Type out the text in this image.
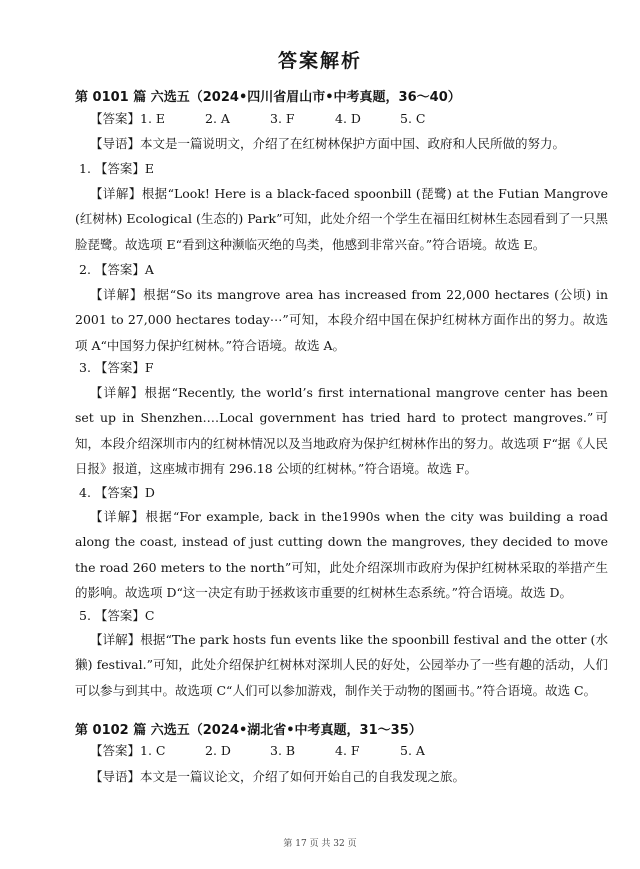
答案解析
第 0101 篇 六选五（2024•四川省眉山市•中考真题，36～40）
【答案】 1. E	2. A	3. F	4. D	5. C
【导语】本文是一篇说明文，介绍了在红树林保护方面中国、政府和人民所做的努力。
1. 【答案】E

【详解】根据“Look! Here is a black-faced spoonbill (琵鹭) at the Futian Mangrove (红树林) Ecological (生态的) Park”可知，此处介绍一个学生在福田红树林生态园看到了一只黑脸琵鹭。故选项 E“看到这种濒临灭绝的鸟类，他感到非常兴奋。”符合语境。故选 E。

2. 【答案】A

【详解】根据“So its mangrove area has increased from 22,000 hectares (公顷) in 2001 to 27,000 hectares today⋯”可知，本段介绍中国在保护红树林方面作出的努力。故选项 A“中国努力保护红树林。”符合语境。故选 A。

3. 【答案】F

【详解】根据“Recently, the world’s first international mangrove center has been set up in Shenzhen.…Local government has tried hard to protect mangroves.”可知，本段介绍深圳市内的红树林情况以及当地政府为保护红树林作出的努力。故选项 F“据《人民日报》报道，这座城市拥有 296.18 公顷的红树林。”符合语境。故选 F。

4. 【答案】D

【详解】根据“For example, back in the1990s when the city was building a road along the coast, instead of just cutting down the mangroves, they decided to move the road 260 meters to the north”可知，此处介绍深圳市政府为保护红树林采取的举措产生的影响。故选项 D“这一决定有助于拯救该市重要的红树林生态系统。”符合语境。故选 D。

5. 【答案】C

【详解】根据“The park hosts fun events like the spoonbill festival and the otter (水獭) festival.”可知，此处介绍保护红树林对深圳人民的好处，公园举办了一些有趣的活动，人们可以参与到其中。故选项 C“人们可以参加游戏，制作关于动物的图画书。”符合语境。故选 C。

第 0102 篇 六选五（2024•湖北省•中考真题，31～35）
【答案】 1. C	2. D	3. B	4. F	5. A
【导语】本文是一篇议论文，介绍了如何开始自己的自我发现之旅。
第 17 页 共 32 页
